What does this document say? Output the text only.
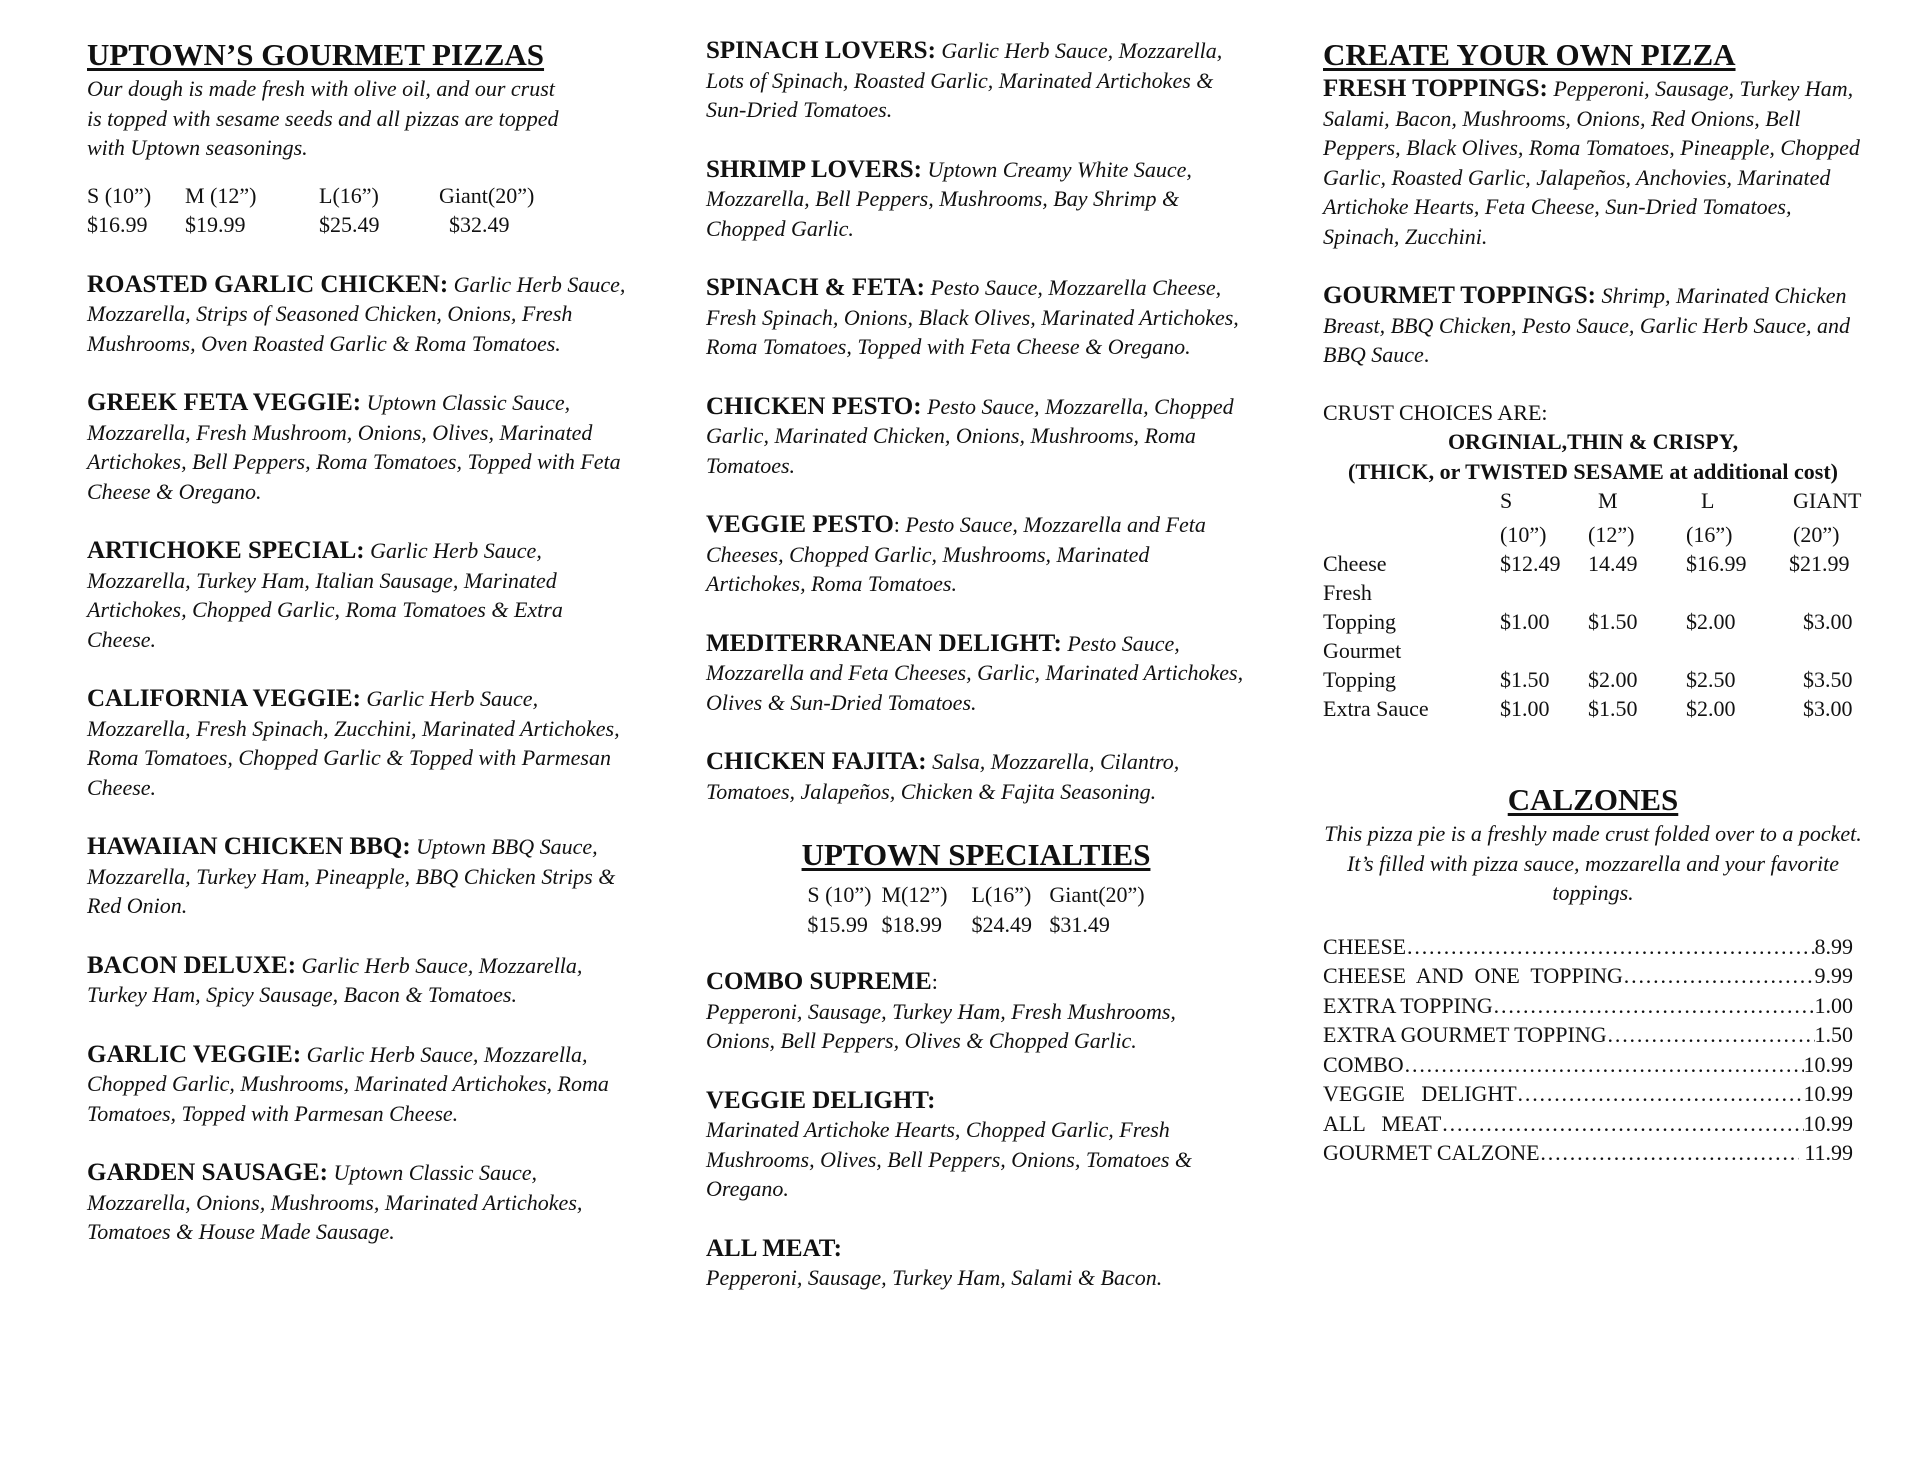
UPTOWN’S GOURMET PIZZAS
Our dough is made fresh with olive oil, and our crust is topped with sesame seeds and all pizzas are topped with Uptown seasonings.
S (10”)	M (12”)	L(16”)	Giant(20”)
$16.99	$19.99	$25.49	$32.49
ROASTED GARLIC CHICKEN: Garlic Herb Sauce, Mozzarella, Strips of Seasoned Chicken, Onions, Fresh Mushrooms, Oven Roasted Garlic & Roma Tomatoes.
GREEK FETA VEGGIE: Uptown Classic Sauce, Mozzarella, Fresh Mushroom, Onions, Olives, Marinated Artichokes, Bell Peppers, Roma Tomatoes, Topped with Feta Cheese & Oregano.
ARTICHOKE SPECIAL: Garlic Herb Sauce, Mozzarella, Turkey Ham, Italian Sausage, Marinated Artichokes, Chopped Garlic, Roma Tomatoes & Extra Cheese.
CALIFORNIA VEGGIE: Garlic Herb Sauce, Mozzarella, Fresh Spinach, Zucchini, Marinated Artichokes, Roma Tomatoes, Chopped Garlic & Topped with Parmesan Cheese.
HAWAIIAN CHICKEN BBQ: Uptown BBQ Sauce, Mozzarella, Turkey Ham, Pineapple, BBQ Chicken Strips & Red Onion.
BACON DELUXE: Garlic Herb Sauce, Mozzarella, Turkey Ham, Spicy Sausage, Bacon & Tomatoes.
GARLIC VEGGIE: Garlic Herb Sauce, Mozzarella, Chopped Garlic, Mushrooms, Marinated Artichokes, Roma Tomatoes, Topped with Parmesan Cheese.
GARDEN SAUSAGE: Uptown Classic Sauce, Mozzarella, Onions, Mushrooms, Marinated Artichokes, Tomatoes & House Made Sausage.
SPINACH LOVERS: Garlic Herb Sauce, Mozzarella, Lots of Spinach, Roasted Garlic, Marinated Artichokes & Sun-Dried Tomatoes.
SHRIMP LOVERS: Uptown Creamy White Sauce, Mozzarella, Bell Peppers, Mushrooms, Bay Shrimp & Chopped Garlic.
SPINACH & FETA: Pesto Sauce, Mozzarella Cheese, Fresh Spinach, Onions, Black Olives, Marinated Artichokes, Roma Tomatoes, Topped with Feta Cheese & Oregano.
CHICKEN PESTO: Pesto Sauce, Mozzarella, Chopped Garlic, Marinated Chicken, Onions, Mushrooms, Roma Tomatoes.
VEGGIE PESTO: Pesto Sauce, Mozzarella and Feta Cheeses, Chopped Garlic, Mushrooms, Marinated Artichokes, Roma Tomatoes.
MEDITERRANEAN DELIGHT: Pesto Sauce, Mozzarella and Feta Cheeses, Garlic, Marinated Artichokes, Olives & Sun-Dried Tomatoes.
CHICKEN FAJITA: Salsa, Mozzarella, Cilantro, Tomatoes, Jalapeños, Chicken & Fajita Seasoning.
UPTOWN SPECIALTIES
S (10”)	M(12”)	L(16”)	Giant(20”)
$15.99	$18.99	$24.49	$31.49
COMBO SUPREME:
Pepperoni, Sausage, Turkey Ham, Fresh Mushrooms, Onions, Bell Peppers, Olives & Chopped Garlic.
VEGGIE DELIGHT:
Marinated Artichoke Hearts, Chopped Garlic, Fresh Mushrooms, Olives, Bell Peppers, Onions, Tomatoes & Oregano.
ALL MEAT:
Pepperoni, Sausage, Turkey Ham, Salami & Bacon.
CREATE YOUR OWN PIZZA
FRESH TOPPINGS: Pepperoni, Sausage, Turkey Ham, Salami, Bacon, Mushrooms, Onions, Red Onions, Bell Peppers, Black Olives, Roma Tomatoes, Pineapple, Chopped Garlic, Roasted Garlic, Jalapeños, Anchovies, Marinated Artichoke Hearts, Feta Cheese, Sun-Dried Tomatoes, Spinach, Zucchini.
GOURMET TOPPINGS: Shrimp, Marinated Chicken Breast, BBQ Chicken, Pesto Sauce, Garlic Herb Sauce, and BBQ Sauce.
CRUST CHOICES ARE:
ORGINIAL,THIN & CRISPY,
(THICK, or TWISTED SESAME at additional cost)
	S	M	L	GIANT
	(10”)	(12”)	(16”)	(20”)
Cheese	$12.49	14.49	$16.99	$21.99
Fresh				
Topping	$1.00	$1.50	$2.00	$3.00
Gourmet				
Topping	$1.50	$2.00	$2.50	$3.50
Extra Sauce	$1.00	$1.50	$2.00	$3.00
CALZONES
This pizza pie is a freshly made crust folded over to a pocket. It’s filled with pizza sauce, mozzarella and your favorite toppings.
CHEESE …………………………………………………………………………………………………	8.99
CHEESE  AND  ONE  TOPPING …………………………………………………………………………………………………	9.99
EXTRA TOPPING …………………………………………………………………………………………………	1.00
EXTRA GOURMET TOPPING …………………………………………………………………………………………………	1.50
COMBO …………………………………………………………………………………………………	10.99
VEGGIE   DELIGHT …………………………………………………………………………………………………	10.99
ALL   MEAT …………………………………………………………………………………………………	10.99
GOURMET CALZONE …………………………………………………………………………………………………	11.99
